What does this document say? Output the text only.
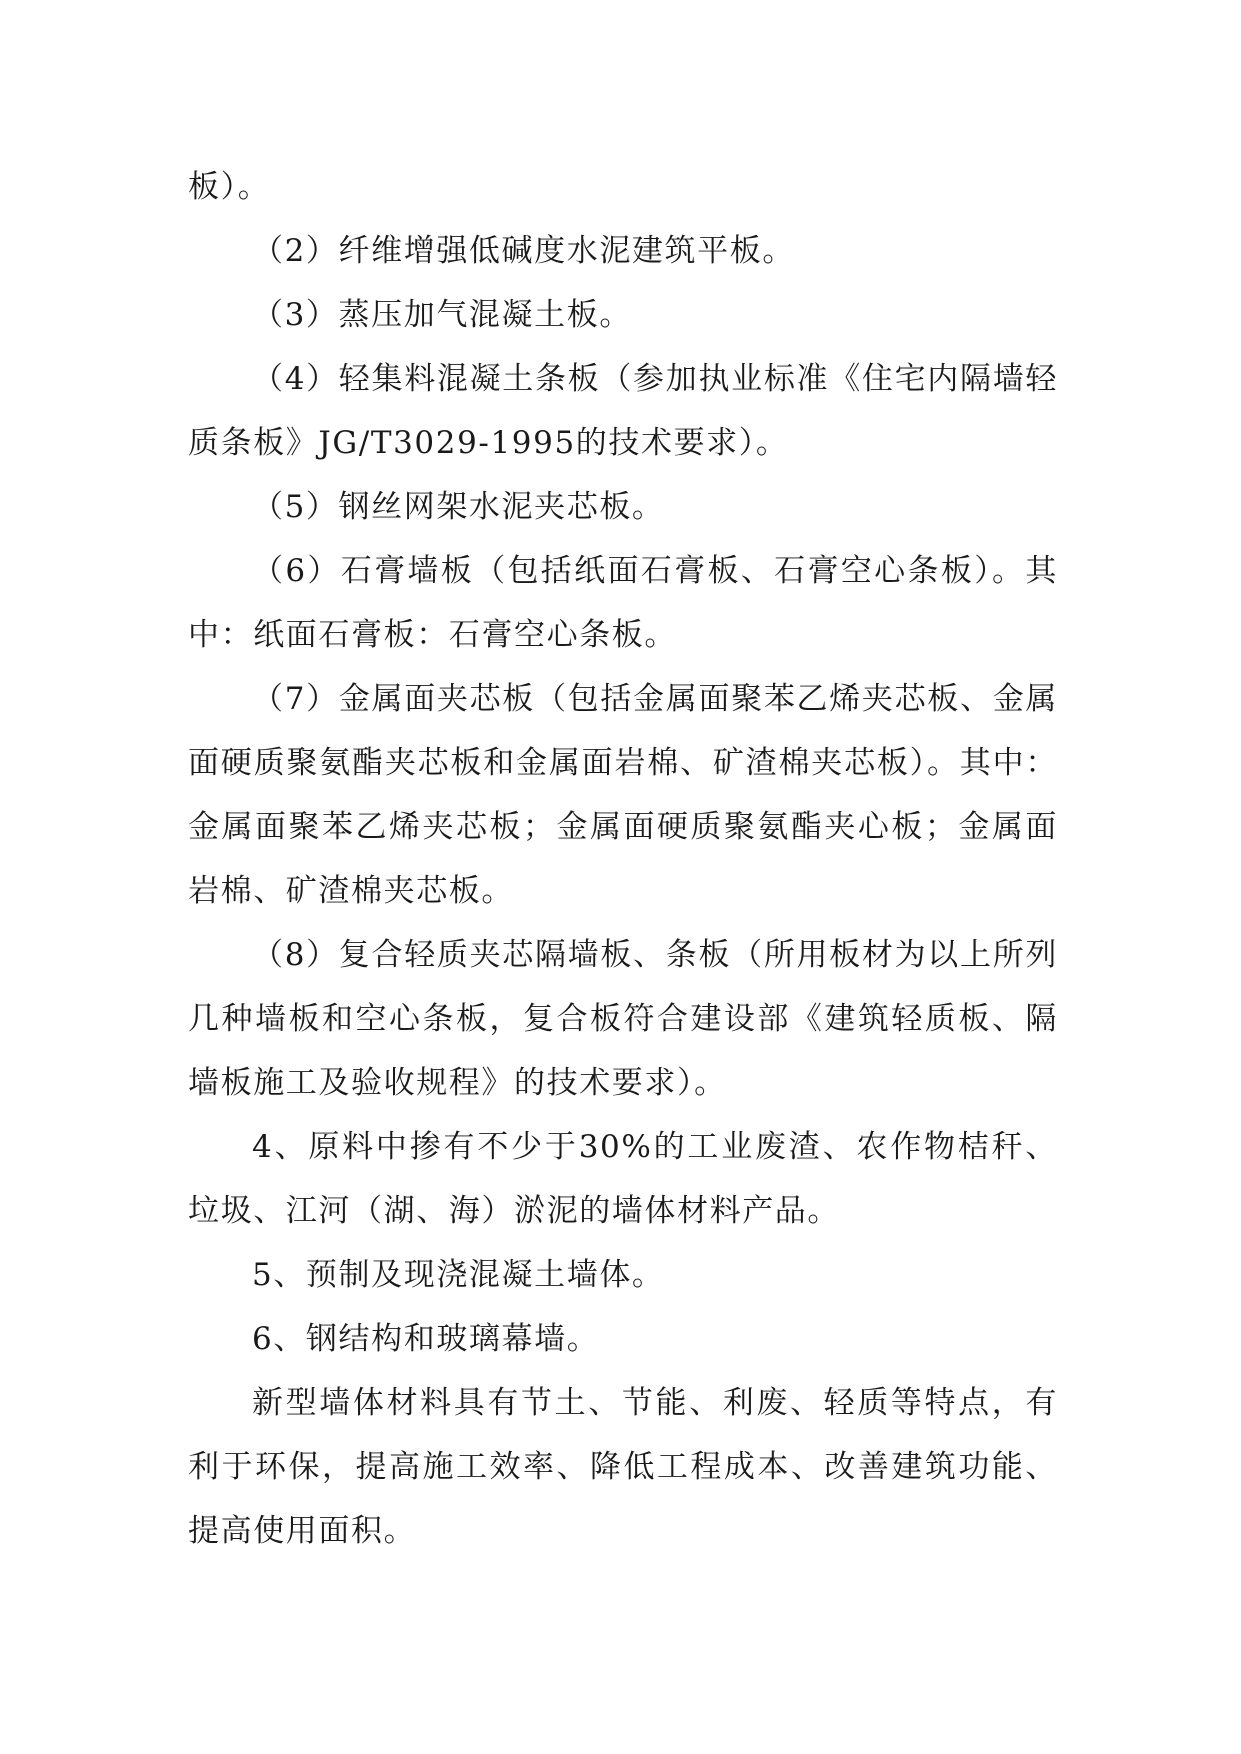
板）。

（2）纤维增强低碱度水泥建筑平板。

（3）蒸压加气混凝土板。

（4）轻集料混凝土条板（参加执业标准《住宅内隔墙轻质条板》JG/T3029-1995的技术要求）。

（5）钢丝网架水泥夹芯板。

（6）石膏墙板（包括纸面石膏板、石膏空心条板）。其中：纸面石膏板：石膏空心条板。

（7）金属面夹芯板（包括金属面聚苯乙烯夹芯板、金属面硬质聚氨酯夹芯板和金属面岩棉、矿渣棉夹芯板）。其中：金属面聚苯乙烯夹芯板；金属面硬质聚氨酯夹心板；金属面岩棉、矿渣棉夹芯板。

（8）复合轻质夹芯隔墙板、条板（所用板材为以上所列几种墙板和空心条板，复合板符合建设部《建筑轻质板、隔墙板施工及验收规程》的技术要求）。

4、原料中掺有不少于30%的工业废渣、农作物桔秆、垃圾、江河（湖、海）淤泥的墙体材料产品。

5、预制及现浇混凝土墙体。

6、钢结构和玻璃幕墙。

新型墙体材料具有节土、节能、利废、轻质等特点，有利于环保，提高施工效率、降低工程成本、改善建筑功能、提高使用面积。
